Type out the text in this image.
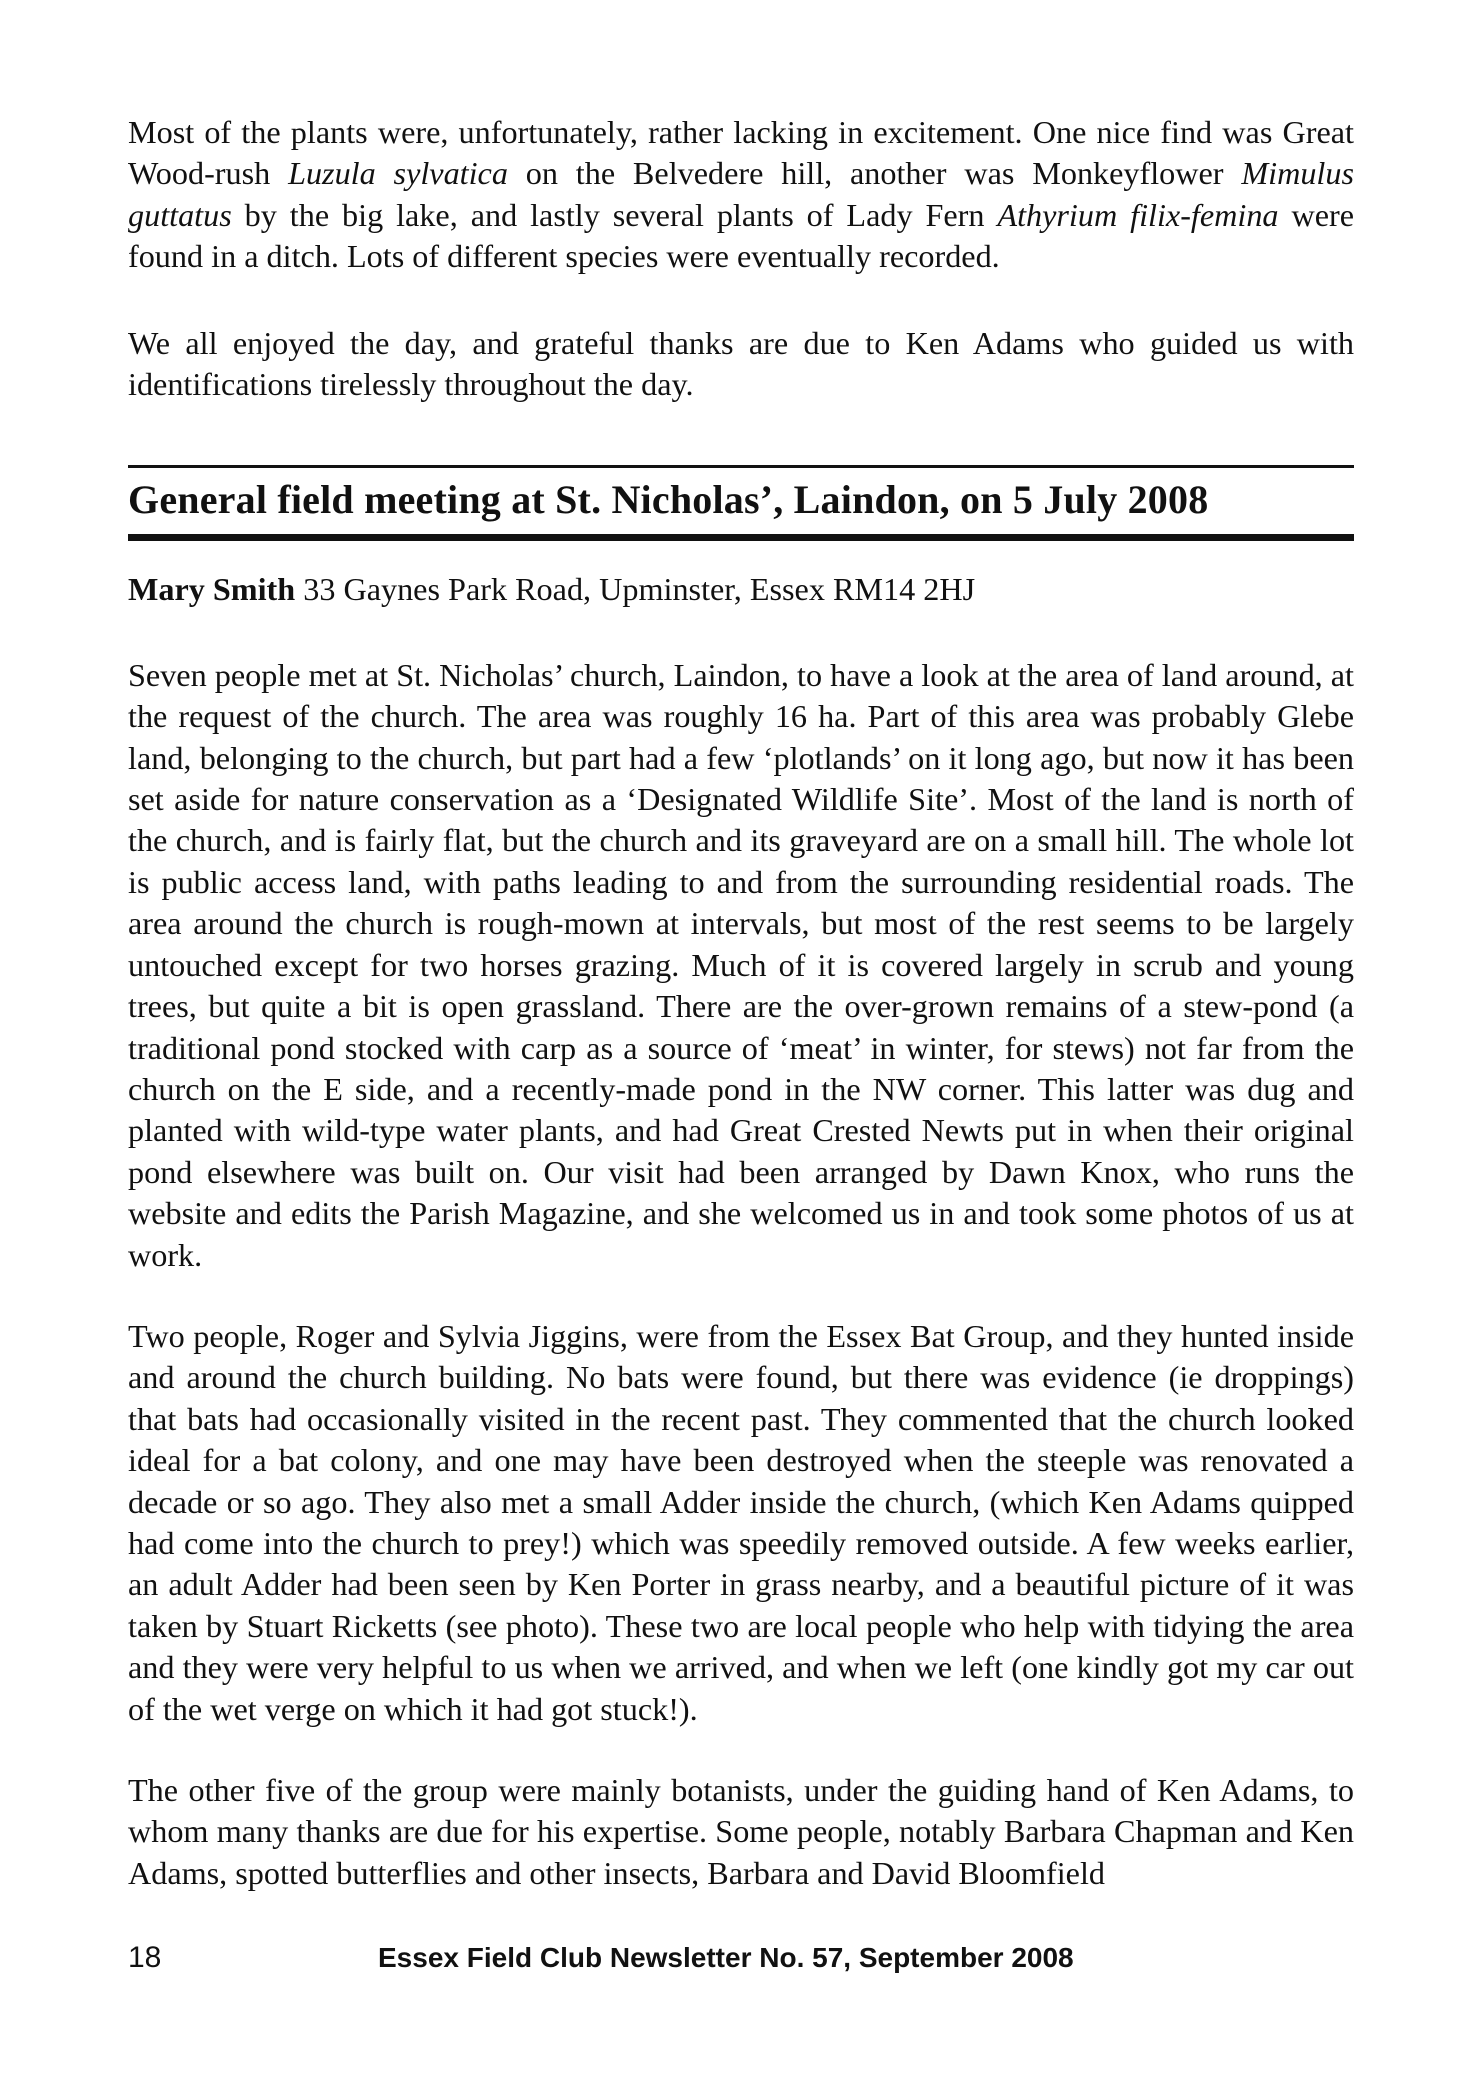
Most of the plants were, unfortunately, rather lacking in excitement. One nice find was Great Wood-rush Luzula sylvatica on the Belvedere hill, another was Monkeyflower Mimulus guttatus by the big lake, and lastly several plants of Lady Fern Athyrium filix-femina were found in a ditch. Lots of different species were eventually recorded.

We all enjoyed the day, and grateful thanks are due to Ken Adams who guided us with identifications tirelessly throughout the day.

General field meeting at St. Nicholas’, Laindon, on 5 July 2008

Mary Smith 33 Gaynes Park Road, Upminster, Essex RM14 2HJ

Seven people met at St. Nicholas’ church, Laindon, to have a look at the area of land around, at the request of the church. The area was roughly 16 ha. Part of this area was probably Glebe land, belonging to the church, but part had a few ‘plotlands’ on it long ago, but now it has been set aside for nature conservation as a ‘Designated Wildlife Site’. Most of the land is north of the church, and is fairly flat, but the church and its graveyard are on a small hill. The whole lot is public access land, with paths leading to and from the surrounding residential roads. The area around the church is rough-mown at intervals, but most of the rest seems to be largely untouched except for two horses grazing. Much of it is covered largely in scrub and young trees, but quite a bit is open grassland. There are the over-grown remains of a stew-pond (a traditional pond stocked with carp as a source of ‘meat’ in winter, for stews) not far from the church on the E side, and a recently-made pond in the NW corner. This latter was dug and planted with wild-type water plants, and had Great Crested Newts put in when their original pond elsewhere was built on. Our visit had been arranged by Dawn Knox, who runs the website and edits the Parish Magazine, and she welcomed us in and took some photos of us at work.

Two people, Roger and Sylvia Jiggins, were from the Essex Bat Group, and they hunted inside and around the church building. No bats were found, but there was evidence (ie droppings) that bats had occasionally visited in the recent past. They commented that the church looked ideal for a bat colony, and one may have been destroyed when the steeple was renovated a decade or so ago. They also met a small Adder inside the church, (which Ken Adams quipped had come into the church to prey!) which was speedily removed outside. A few weeks earlier, an adult Adder had been seen by Ken Porter in grass nearby, and a beautiful picture of it was taken by Stuart Ricketts (see photo). These two are local people who help with tidying the area and they were very helpful to us when we arrived, and when we left (one kindly got my car out of the wet verge on which it had got stuck!).

The other five of the group were mainly botanists, under the guiding hand of Ken Adams, to whom many thanks are due for his expertise. Some people, notably Barbara Chapman and Ken Adams, spotted butterflies and other insects, Barbara and David Bloomfield

18	Essex Field Club Newsletter No. 57, September 2008
